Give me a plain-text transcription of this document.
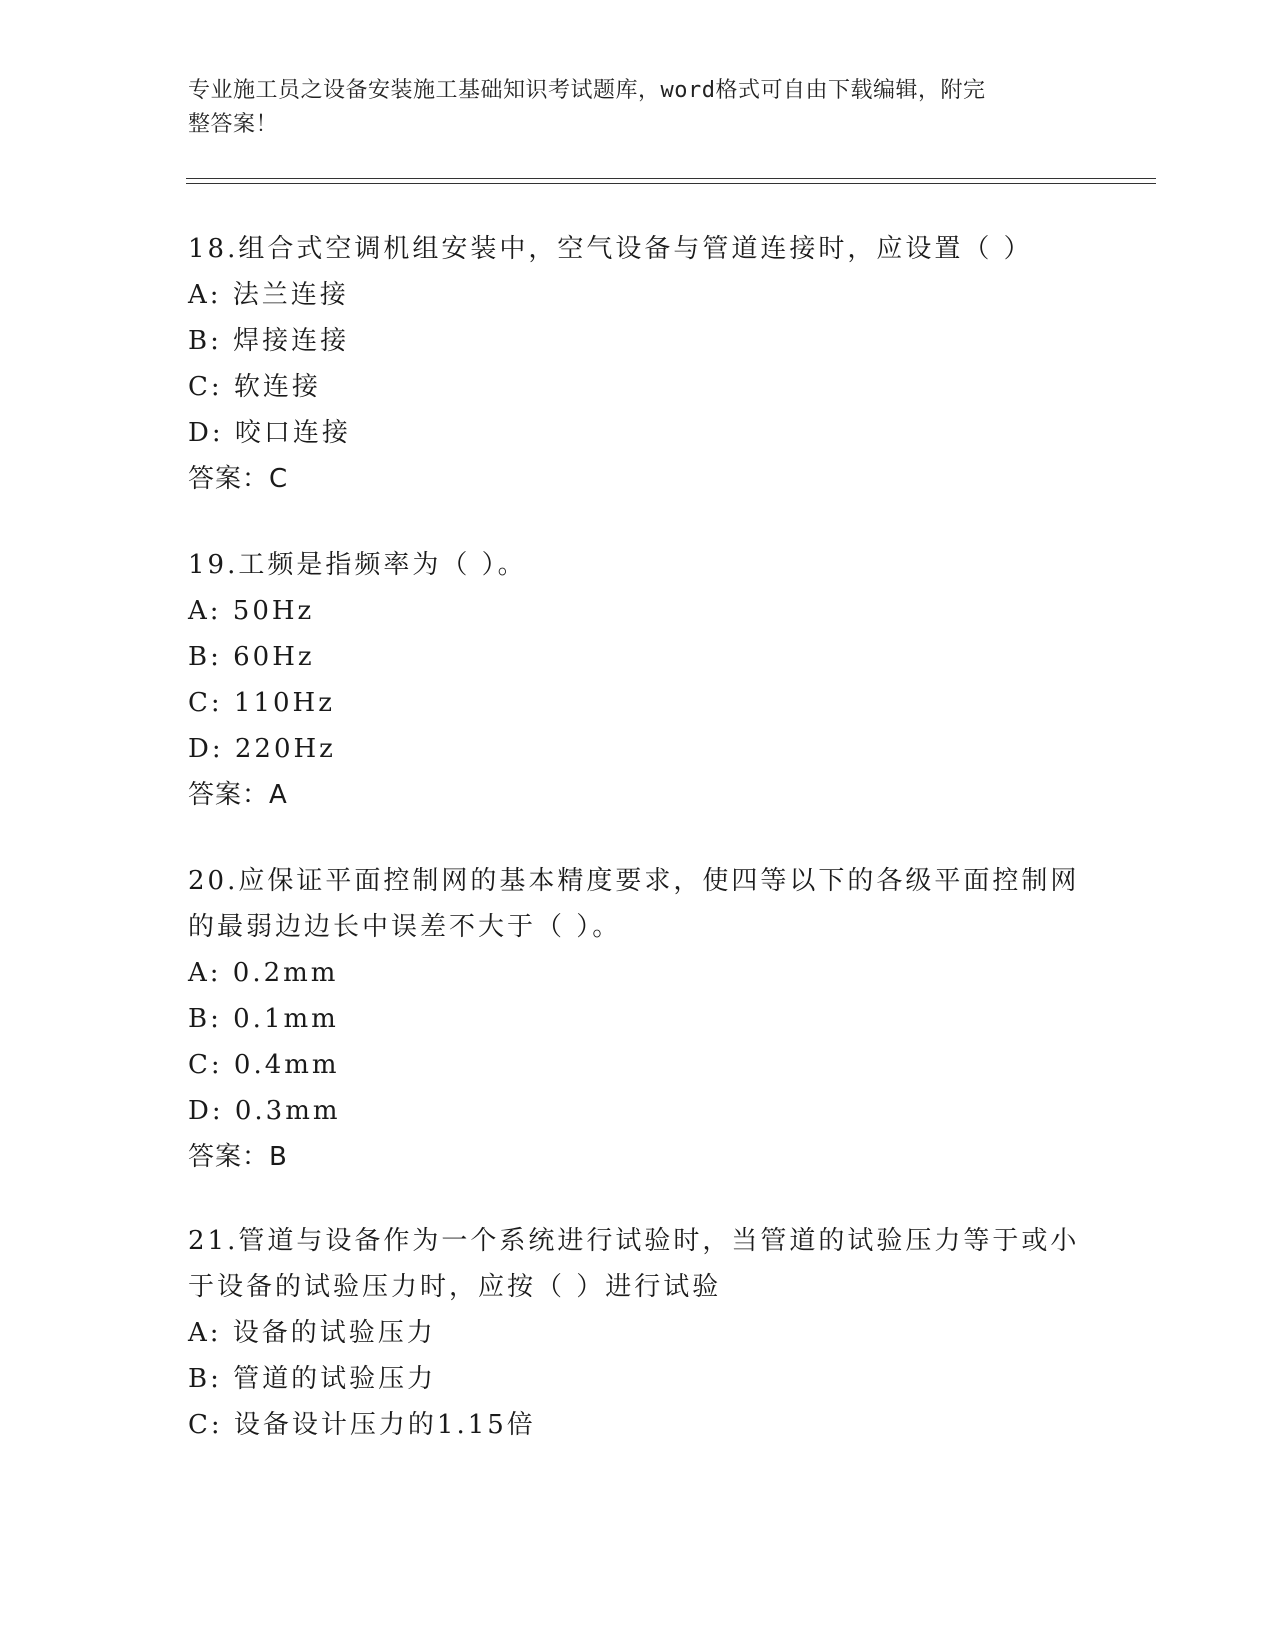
专业施工员之设备安装施工基础知识考试题库，word格式可自由下载编辑，附完
整答案！

18.组合式空调机组安装中，空气设备与管道连接时，应设置（ ）

A: 法兰连接

B: 焊接连接

C: 软连接

D: 咬口连接

答案：C

19.工频是指频率为（ ）。

A: 50Hz

B: 60Hz

C: 110Hz

D: 220Hz

答案：A

20.应保证平面控制网的基本精度要求，使四等以下的各级平面控制网的最弱边边长中误差不大于（ ）。

A: 0.2mm

B: 0.1mm

C: 0.4mm

D: 0.3mm

答案：B

21.管道与设备作为一个系统进行试验时，当管道的试验压力等于或小于设备的试验压力时，应按（ ）进行试验

A: 设备的试验压力

B: 管道的试验压力

C: 设备设计压力的1.15倍
